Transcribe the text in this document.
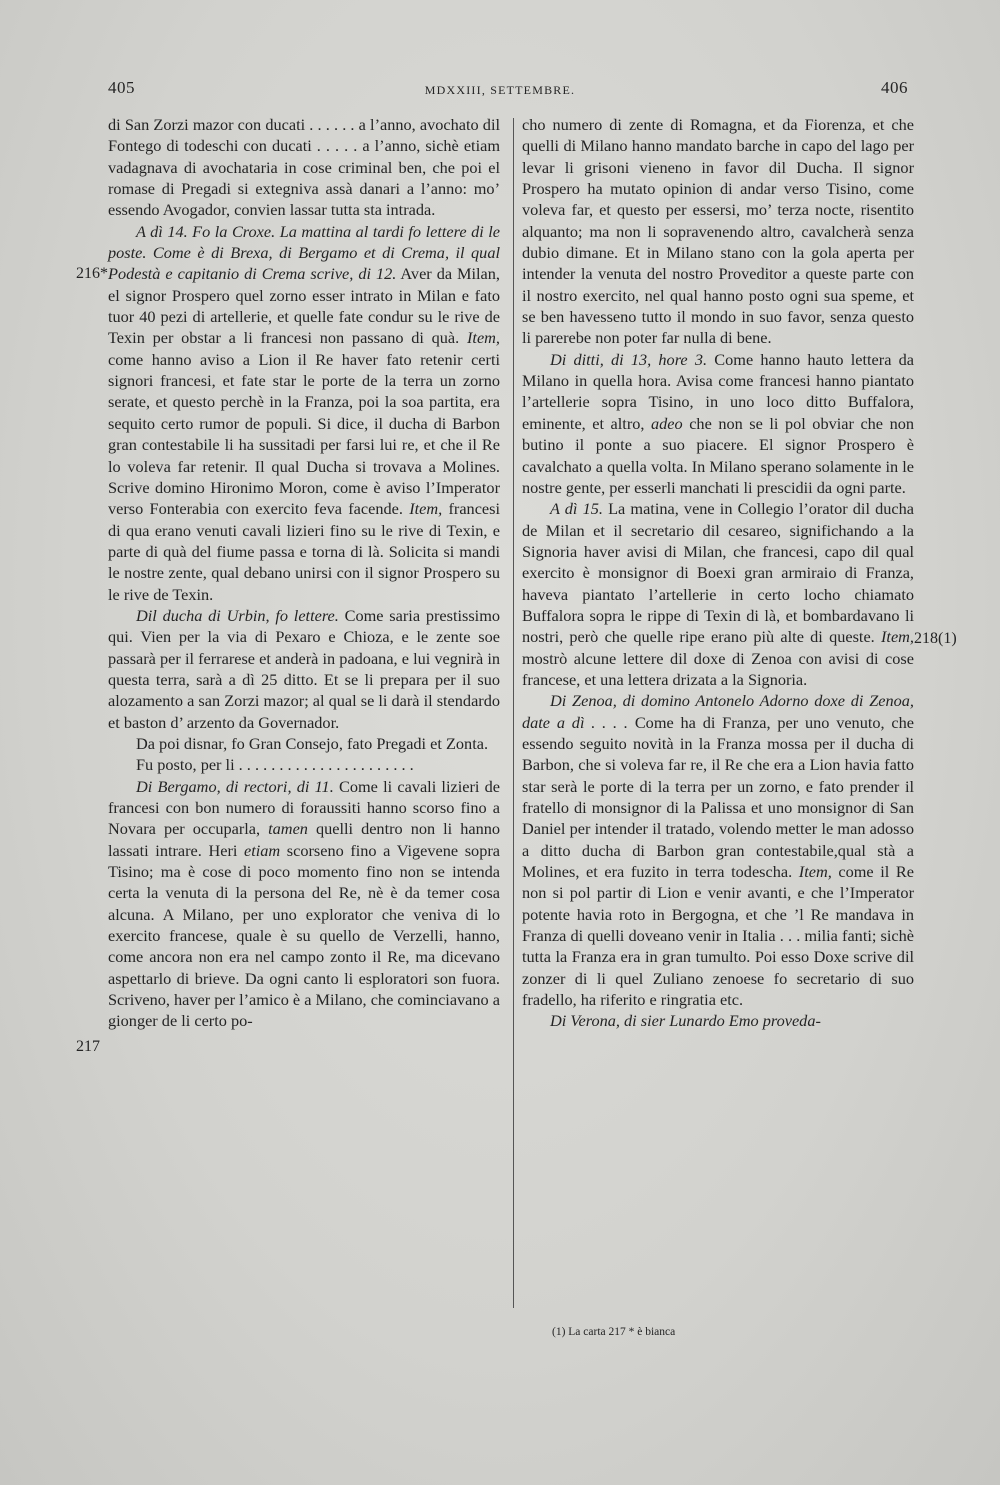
405	MDXXIII, SETTEMBRE.	406
216*
217
218(1)

di San Zorzi mazor con ducati . . . . . . a l’anno, avochato dil Fontego di todeschi con ducati . . . . . a l’anno, sichè etiam vadagnava di avochataria in cose criminal ben, che poi el romase di Pregadi si extegniva assà danari a l’anno: mo’ essendo Avogador, convien lassar tutta sta intrada.

A dì 14. Fo la Croxe. La mattina al tardi fo lettere di le poste. Come è di Brexa, di Bergamo et di Crema, il qual Podestà e capitanio di Crema scrive, di 12. Aver da Milan, el signor Prospero quel zorno esser intrato in Milan e fato tuor 40 pezi di artellerie, et quelle fate condur su le rive de Texin per obstar a li francesi non passano di quà. Item, come hanno aviso a Lion il Re haver fato retenir certi signori francesi, et fate star le porte de la terra un zorno serate, et questo perchè in la Franza, poi la soa partita, era sequito certo rumor de populi. Si dice, il ducha di Barbon gran contestabile li ha sussitadi per farsi lui re, et che il Re lo voleva far retenir. Il qual Ducha si trovava a Molines. Scrive domino Hironimo Moron, come è aviso l’Imperator verso Fonterabia con exercito feva facende. Item, francesi di qua erano venuti cavali lizieri fino su le rive di Texin, e parte di quà del fiume passa e torna di là. Solicita si mandi le nostre zente, qual debano unirsi con il signor Prospero su le rive de Texin.

Dil ducha di Urbin, fo lettere. Come saria prestissimo qui. Vien per la via di Pexaro e Chioza, e le zente soe passarà per il ferrarese et anderà in padoana, e lui vegnirà in questa terra, sarà a dì 25 ditto. Et se li prepara per il suo alozamento a san Zorzi mazor; al qual se li darà il stendardo et baston d’ arzento da Governador.

Da poi disnar, fo Gran Consejo, fato Pregadi et Zonta.

Fu posto, per li . . . . . . . . . . . . . . . . . . . . . .

Di Bergamo, di rectori, di 11. Come li cavali lizieri de francesi con bon numero di foraussiti hanno scorso fino a Novara per occuparla, tamen quelli dentro non li hanno lassati intrare. Heri etiam scorseno fino a Vigevene sopra Tisino; ma è cose di poco momento fino non se intenda certa la venuta di la persona del Re, nè è da temer cosa alcuna. A Milano, per uno explorator che veniva di lo exercito francese, quale è su quello de Verzelli, hanno, come ancora non era nel campo zonto il Re, ma dicevano aspettarlo di brieve. Da ogni canto li esploratori son fuora. Scriveno, haver per l’amico è a Milano, che cominciavano a gionger de li certo po-

cho numero di zente di Romagna, et da Fiorenza, et che quelli di Milano hanno mandato barche in capo del lago per levar li grisoni vieneno in favor dil Ducha. Il signor Prospero ha mutato opinion di andar verso Tisino, come voleva far, et questo per essersi, mo’ terza nocte, risentito alquanto; ma non li sopravenendo altro, cavalcherà senza dubio dimane. Et in Milano stano con la gola aperta per intender la venuta del nostro Proveditor a queste parte con il nostro exercito, nel qual hanno posto ogni sua speme, et se ben havesseno tutto il mondo in suo favor, senza questo li parerebe non poter far nulla di bene.

Di ditti, di 13, hore 3. Come hanno hauto lettera da Milano in quella hora. Avisa come francesi hanno piantato l’artellerie sopra Tisino, in uno loco ditto Buffalora, eminente, et altro, adeo che non se li pol obviar che non butino il ponte a suo piacere. El signor Prospero è cavalchato a quella volta. In Milano sperano solamente in le nostre gente, per esserli manchati li prescidii da ogni parte.

A dì 15. La matina, vene in Collegio l’orator dil ducha de Milan et il secretario dil cesareo, significhando a la Signoria haver avisi di Milan, che francesi, capo dil qual exercito è monsignor di Boexi gran armiraio di Franza, haveva piantato l’artellerie in certo locho chiamato Buffalora sopra le rippe di Texin di là, et bombardavano li nostri, però che quelle ripe erano più alte di queste. Item, mostrò alcune lettere dil doxe di Zenoa con avisi di cose francese, et una lettera drizata a la Signoria.

Di Zenoa, di domino Antonelo Adorno doxe di Zenoa, date a dì . . . . Come ha di Franza, per uno venuto, che essendo seguito novità in la Franza mossa per il ducha di Barbon, che si voleva far re, il Re che era a Lion havia fatto star serà le porte di la terra per un zorno, e fato prender il fratello di monsignor di la Palissa et uno monsignor di San Daniel per intender il tratado, volendo metter le man adosso a ditto ducha di Barbon gran contestabile,qual stà a Molines, et era fuzito in terra todescha. Item, come il Re non si pol partir di Lion e venir avanti, e che l’Imperator potente havia roto in Bergogna, et che ’l Re mandava in Franza di quelli doveano venir in Italia . . . milia fanti; sichè tutta la Franza era in gran tumulto. Poi esso Doxe scrive dil zonzer di li quel Zuliano zenoese fo secretario di suo fradello, ha riferito e ringratia etc.

Di Verona, di sier Lunardo Emo proveda-

(1) La carta 217 * è bianca
